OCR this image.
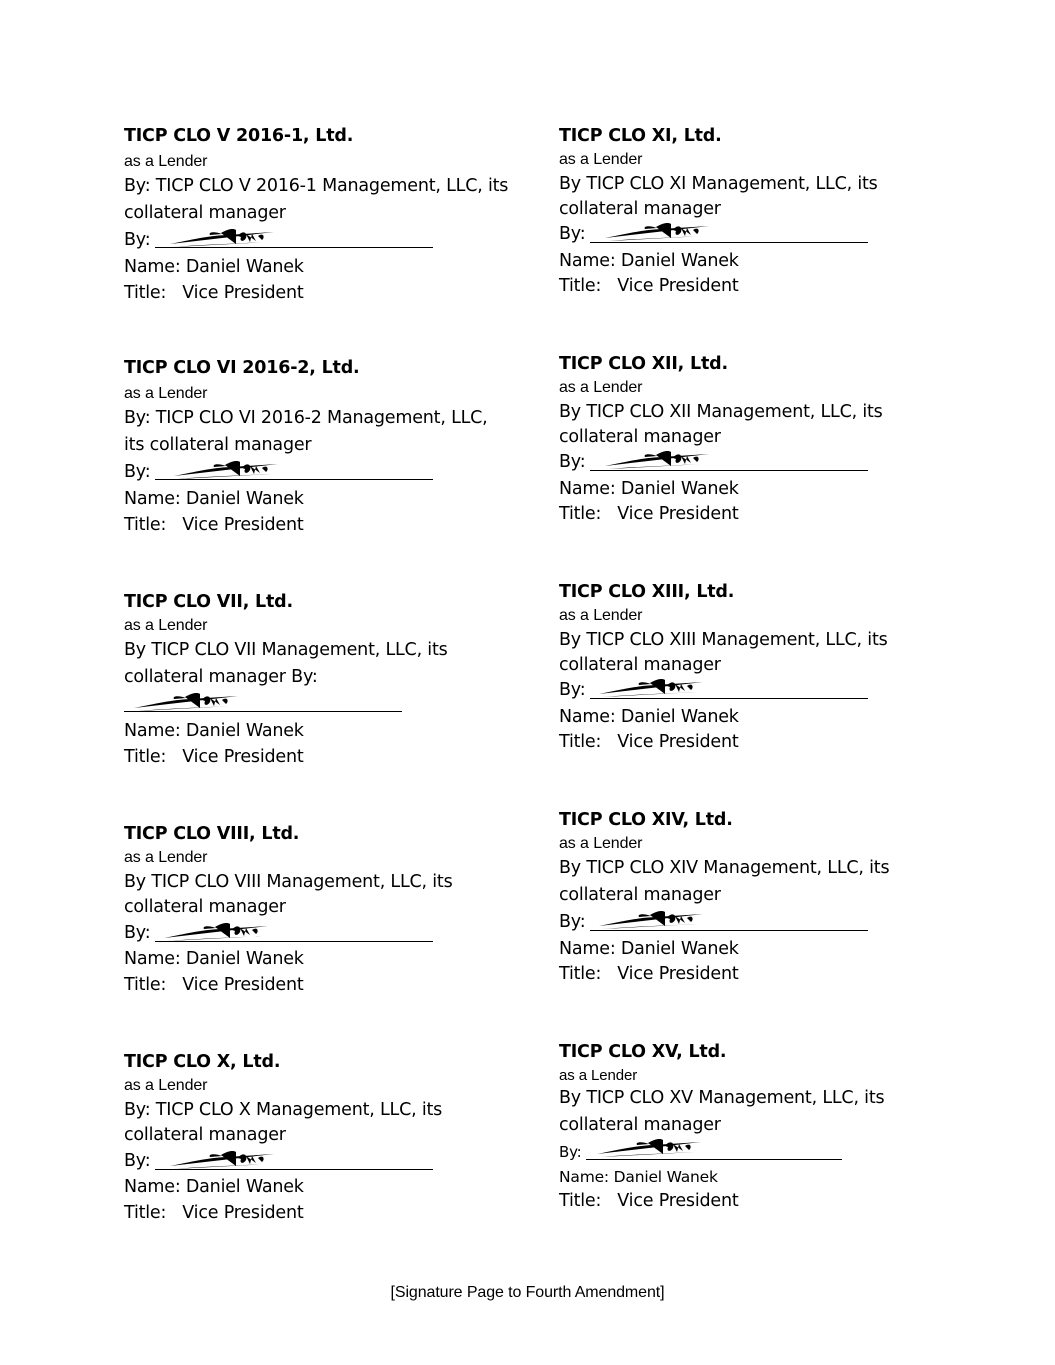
TICP CLO V 2016-1, Ltd.
as a Lender
By: TICP CLO V 2016-1 Management, LLC, its
collateral manager
By:
Name: Daniel Wanek
Title:   Vice President
TICP CLO VI 2016-2, Ltd.
as a Lender
By: TICP CLO VI 2016-2 Management, LLC,
its collateral manager
By:
Name: Daniel Wanek
Title:   Vice President
TICP CLO VII, Ltd.
as a Lender
By TICP CLO VII Management, LLC, its
collateral manager By:
Name: Daniel Wanek
Title:   Vice President
TICP CLO VIII, Ltd.
as a Lender
By TICP CLO VIII Management, LLC, its
collateral manager
By:
Name: Daniel Wanek
Title:   Vice President
TICP CLO X, Ltd.
as a Lender
By: TICP CLO X Management, LLC, its
collateral manager
By:
Name: Daniel Wanek
Title:   Vice President
TICP CLO XI, Ltd.
as a Lender
By TICP CLO XI Management, LLC, its
collateral manager
By:
Name: Daniel Wanek
Title:   Vice President
TICP CLO XII, Ltd.
as a Lender
By TICP CLO XII Management, LLC, its
collateral manager
By:
Name: Daniel Wanek
Title:   Vice President
TICP CLO XIII, Ltd.
as a Lender
By TICP CLO XIII Management, LLC, its
collateral manager
By:
Name: Daniel Wanek
Title:   Vice President
TICP CLO XIV, Ltd.
as a Lender
By TICP CLO XIV Management, LLC, its
collateral manager
By:
Name: Daniel Wanek
Title:   Vice President
TICP CLO XV, Ltd.
as a Lender
By TICP CLO XV Management, LLC, its
collateral manager
By:
Name: Daniel Wanek
Title:   Vice President
[Signature Page to Fourth Amendment]
